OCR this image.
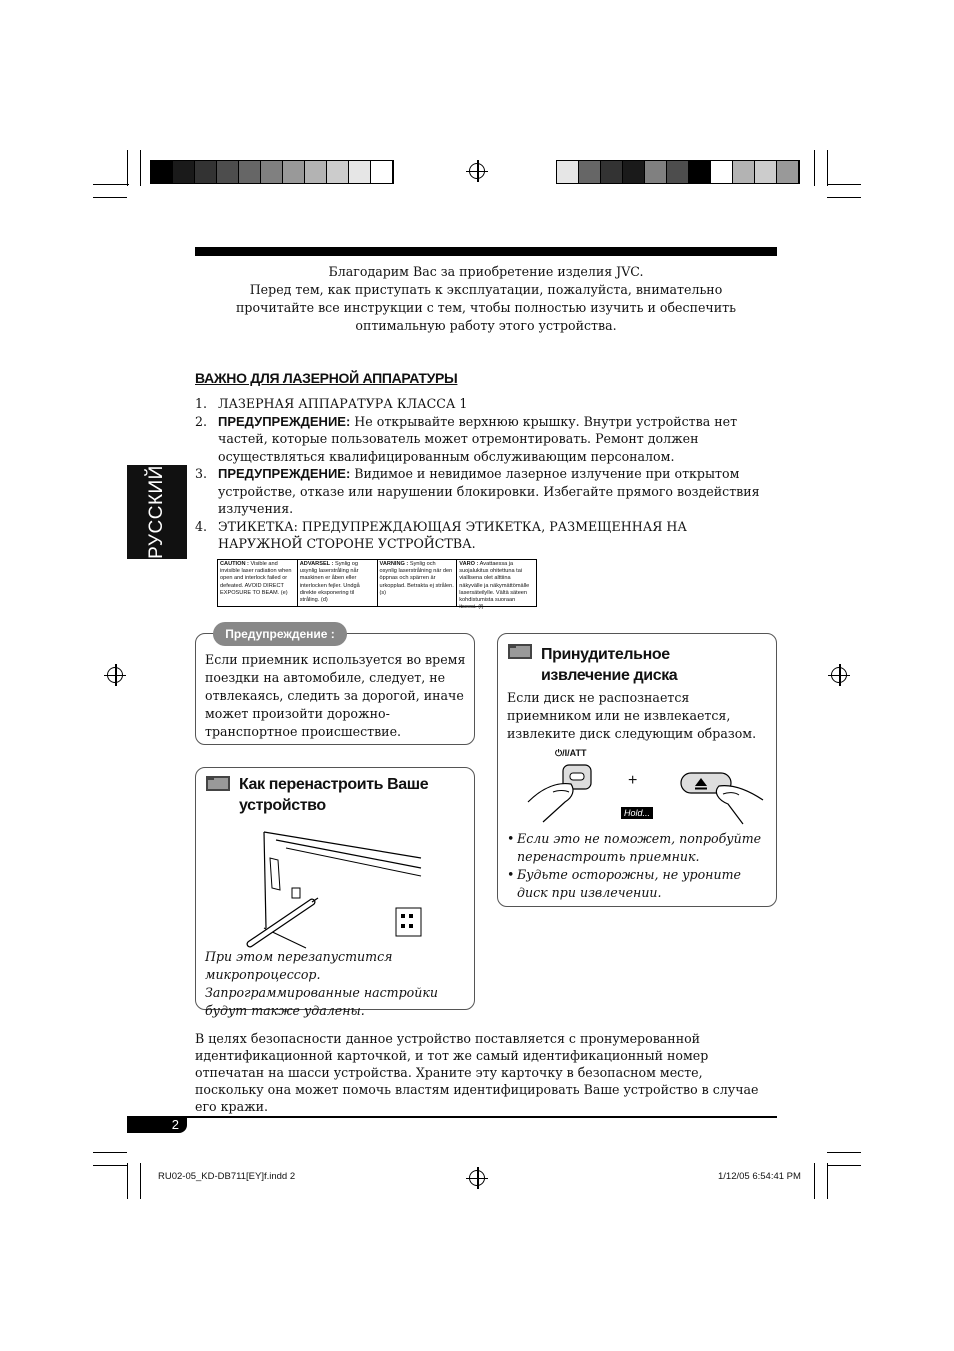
Благодарим Вас за приобретение изделия JVC.
Перед тем, как приступать к эксплуатации, пожалуйста, внимательно прочитайте все инструкции с тем, чтобы полностью изучить и обеспечить оптимальную работу этого устройства.
РУССКИЙ
ВАЖНО ДЛЯ ЛАЗЕРНОЙ АППАРАТУРЫ
1. ЛАЗЕРНАЯ АППАРАТУРА КЛАССА 1
2. ПРЕДУПРЕЖДЕНИЕ: Не открывайте верхнюю крышку. Внутри устройства нет частей, которые пользователь может отремонтировать. Ремонт должен осуществляться квалифицированным обслуживающим персоналом.
3. ПРЕДУПРЕЖДЕНИЕ: Видимое и невидимое лазерное излучение при открытом устройстве, отказе или нарушении блокировки. Избегайте прямого воздействия излучения.
4. ЭТИКЕТКА: ПРЕДУПРЕЖДАЮЩАЯ ЭТИКЕТКА, РАЗМЕЩЕННАЯ НА НАРУЖНОЙ СТОРОНЕ УСТРОЙСТВА.
CAUTION : Visible and invisible laser radiation when open and interlock failed or defeated. AVOID DIRECT EXPOSURE TO BEAM. (e)
ADVARSEL : Synlig og usynlig laserstråling når maskinen er åben eller interlocken fejler. Undgå direkte eksponering til stråling. (d)
VARNING : Synlig och osynlig laserstrålning när den öppnas och spärren är urkopplad. Betrakta ej strålen. (s)
VARO : Avattaessa ja suojalukitus ohitettuna tai viallisena olet alttiina näkyvälle ja näkymättömälle lasersäteilylle. Vältä säteen kohdistumista suoraan itseesi. (f)
Если приемник используется во время поездки на автомобиле, следует, не отвлекаясь, следить за дорогой, иначе может произойти дорожно-транспортное происшествие.
Предупреждение :
Как перенастроить Ваше устройство
При этом перезапустится микропроцессор. Запрограммированные настройки будут также удалены.
Принудительное извлечение диска
Если диск не распознается приемником или не извлекается, извлеките диск следующим образом.
⏻/I/ATT
+
Hold...
• Если это не поможет, попробуйте перенастроить приемник.
• Будьте осторожны, не уроните диск при извлечении.
В целях безопасности данное устройство поставляется с пронумерованной идентификационной карточкой, и тот же самый идентификационный номер отпечатан на шасси устройства. Храните эту карточку в безопасном месте, поскольку она может помочь властям идентифицировать Ваше устройство в случае его кражи.
2
RU02-05_KD-DB711[EY]f.indd 2	1/12/05 6:54:41 PM
